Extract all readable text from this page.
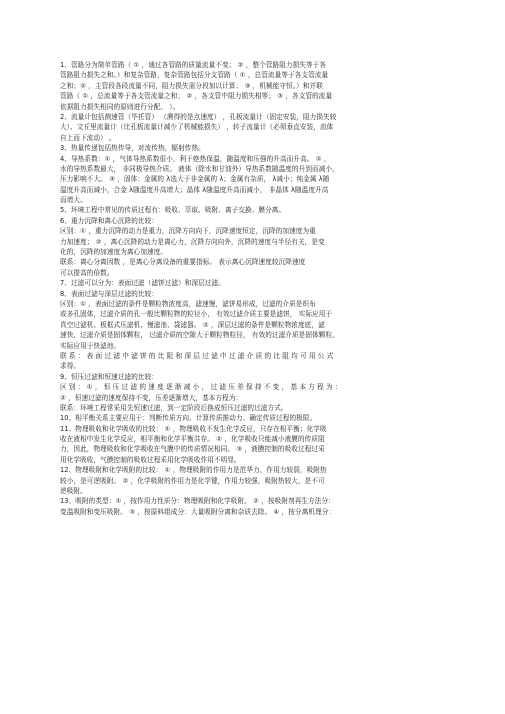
1、管路分为简单管路（ ① ，通过各管路的质量流量不变； ② ，整个管路阻力损失等于各
管路阻力损失之和。）和复杂管路，复杂管路包括分支管路（ ① ，总管流量等于各支管流量
之和；② ，主管段各段流量不同，阻力损失需分段加以计算； ③ ，机械能守恒。）和并联
管路（ ① ，总流量等于各支管流量之和； ② ，各支管中阻力损失相等； ③ ，各支管的流量
依据阻力损失相同的原则进行分配。 ）。
2、流量计包括测速管（毕托管） （测得的是点速度） ，孔板流量计（固定安装，阻力损失较
大）、文丘里流量计（比孔板流量计减少了机械能损失） ，转子流量计（必须垂直安装，流体
自上而下流动） 。
3、热量传递包括热传导，对流传热，辐射传热。
4、导热系数：① ，气体导热系数很小，利于绝热保温，随温度和压强的升高而升高。 ② ，
水的导热系数最大， 非同极导热介质。 液体（除水和甘油外）导热系数随温度的升到而减小，
压力影响不大。 ③ ，固体：金属的 λ选大于非金属的 λ；金属有杂质， λ减小；纯金属 λ随
温度升高而减小，合金 λ随温度升高增大；晶体 λ随温度升高而减小， 非晶体 λ随温度升高
而增大。
5、环境工程中常见的传质过程有：吸收、萃取、吸附、离子交换、膜分离。
6、重力沉降和离心沉降的比较：
区别：① ，重力沉降的动力是重力，沉降方向向下，沉降速度恒定，沉降的加速度为重
力加速度； ② ，离心沉降的动力是离心力，沉降方向向外，沉降的速度与半径有关，是变
化的，沉降的加速度为离心加速度。
联系：离心分离因数 ，是离心分离设备的重要指标。 表示离心沉降速度较沉降速度
可以提高的倍数。
7、过滤可以分为：表面过滤（滤饼过滤）和深层过滤。
8、表面过滤与深层过滤的比较：
区别：① ，表面过滤的条件是颗粒物浓度高，滤速慢，滤饼易形成，过滤的介质是织布
或多孔固体，过滤介质的孔一般比颗粒物的粒径小， 有效过滤介质主要是滤饼， 实际应用于
真空过滤机、板框式压滤机、慢滤池、袋滤器。 ② ，深层过滤的条件是颗粒物浓度底，滤
速快，过滤介质是固体颗粒， 过滤介质的空隙大于颗粒物粒径， 有效的过滤介质是固体颗粒，
实际应用于快滤池。
联 系 ： 表 面 过 滤 中 滤 饼 的 比 阻 和 深 层 过 滤 中 过 滤 介 质 的 比 阻 均 可 用 公 式
求得。
9、恒压过滤和恒速过滤的比较：
区 别 ： ① ， 恒 压 过 滤 的 速 度 逐 渐 减 小 ， 过 滤 压 差 保 持 不 变 ， 基 本 方 程 为 ：
② ，恒速过滤的速度保持不变，压差逐渐增大，基本方程为：
联系：环境工程常采用先恒速过滤，到一定阶段后换成恒压过滤的过滤方式。
10、相平衡关系主要应用于：判断传质方向、计算传质推动力、确定传质过程的极限。
11、物理吸收和化学吸收的比较： ① ，物理吸收不发生化学反应，只存在相平衡；化学吸
收在液相中发生化学反应，相平衡和化学平衡共存。 ② ，化学吸收只能减小液膜的传质阻
力，因此，物理吸收和化学吸收在气膜中的传质情况相同。 ③ ，液膜控制的吸收过程过采
用化学吸收，气膜控制的吸收过程采用化学吸收作用不明显。
12、物理吸附和化学吸附的比较： ① ，物理吸附的作用力是范华力，作用力较弱，吸附热
较小，是可逆吸附。 ② ，化学吸附的作用力是化学键，作用力较强，吸附热较大，是不可
逆吸附。
13、吸附的类型：① ，按作用力性质分：物理吸附和化学吸附。 ② ，按吸附剂再生方法分：
变温吸附和变压吸附。 ③ ，按原料组成分：大量吸附分离和杂质去除。 ④ ，按分离机理分：
